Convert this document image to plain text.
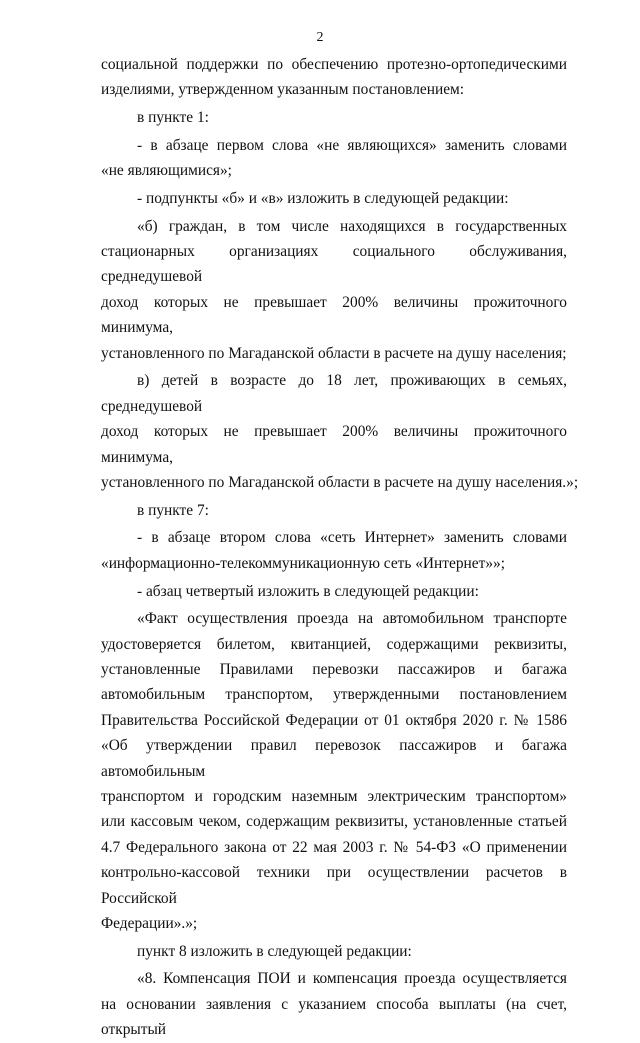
2

социальной поддержки по обеспечению протезно-ортопедическими
изделиями, утвержденном указанным постановлением:

в пункте 1:

- в абзаце первом слова «не являющихся» заменить словами
«не являющимися»;

- подпункты «б» и «в» изложить в следующей редакции:

«б) граждан, в том числе находящихся в государственных
стационарных организациях социального обслуживания, среднедушевой
доход которых не превышает 200% величины прожиточного минимума,
установленного по Магаданской области в расчете на душу населения;

в) детей в возрасте до 18 лет, проживающих в семьях, среднедушевой
доход которых не превышает 200% величины прожиточного минимума,
установленного по Магаданской области в расчете на душу населения.»;

в пункте 7:

- в абзаце втором слова «сеть Интернет» заменить словами
«информационно-телекоммуникационную сеть «Интернет»»;

- абзац четвертый изложить в следующей редакции:

«Факт осуществления проезда на автомобильном транспорте
удостоверяется билетом, квитанцией, содержащими реквизиты,
установленные Правилами перевозки пассажиров и багажа
автомобильным транспортом, утвержденными постановлением
Правительства Российской Федерации от 01 октября 2020 г. № 1586
«Об утверждении правил перевозок пассажиров и багажа автомобильным
транспортом и городским наземным электрическим транспортом»
или кассовым чеком, содержащим реквизиты, установленные статьей
4.7 Федерального закона от 22 мая 2003 г. № 54-ФЗ «О применении
контрольно-кассовой техники при осуществлении расчетов в Российской
Федерации».»;

пункт 8 изложить в следующей редакции:

«8. Компенсация ПОИ и компенсация проезда осуществляется
на основании заявления с указанием способа выплаты (на счет, открытый
